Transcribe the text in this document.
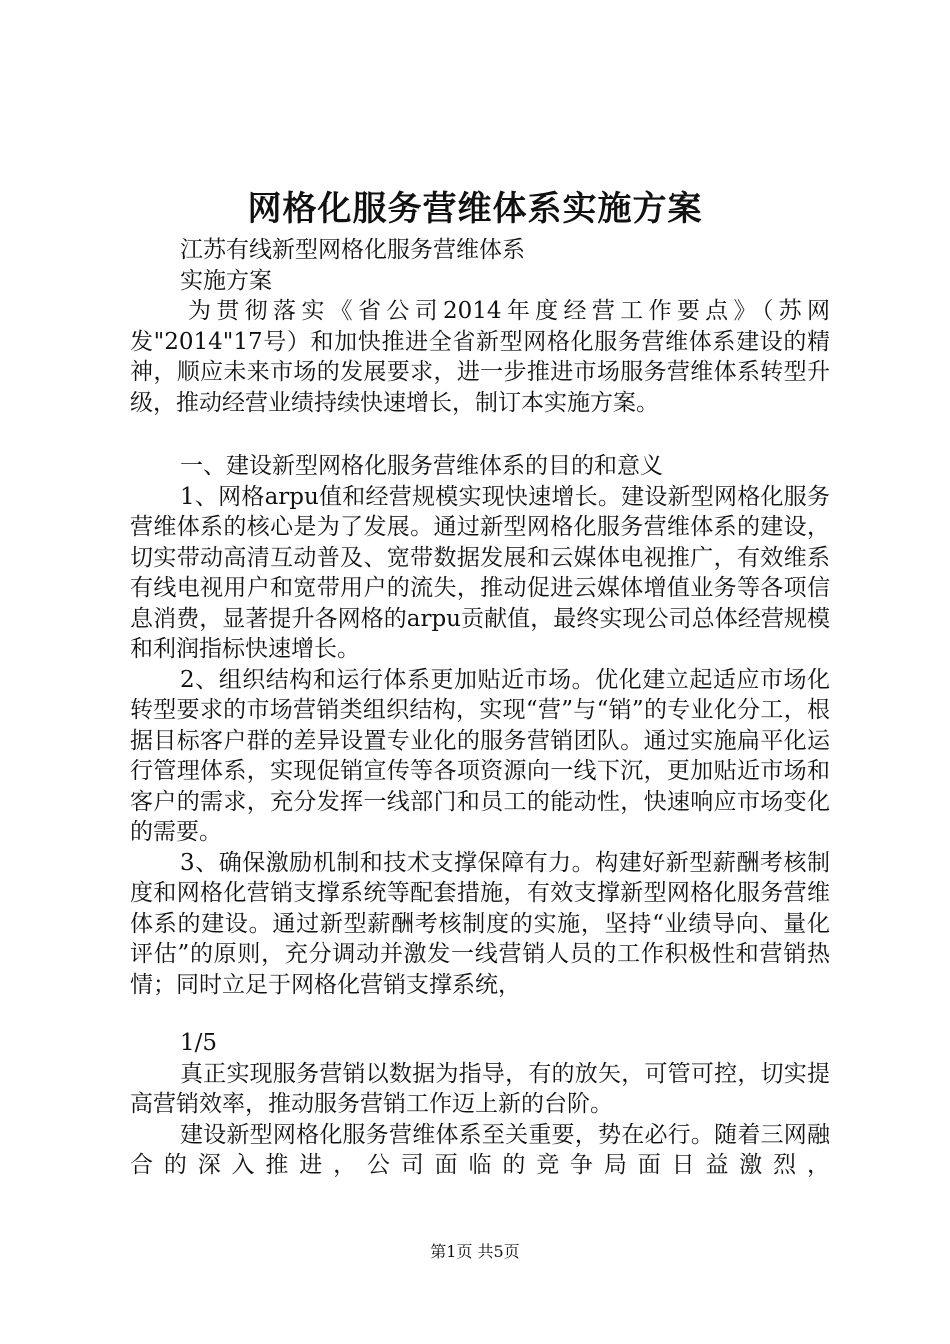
网格化服务营维体系实施方案

江苏有线新型网格化服务营维体系

实施方案

为贯彻落实《省公司2014年度经营工作要点》（苏网发"2014"17号）和加快推进全省新型网格化服务营维体系建设的精神，顺应未来市场的发展要求，进一步推进市场服务营维体系转型升级，推动经营业绩持续快速增长，制订本实施方案。

一、建设新型网格化服务营维体系的目的和意义

1、网格arpu值和经营规模实现快速增长。建设新型网格化服务营维体系的核心是为了发展。通过新型网格化服务营维体系的建设，切实带动高清互动普及、宽带数据发展和云媒体电视推广，有效维系有线电视用户和宽带用户的流失，推动促进云媒体增值业务等各项信息消费，显著提升各网格的arpu贡献值，最终实现公司总体经营规模和利润指标快速增长。

2、组织结构和运行体系更加贴近市场。优化建立起适应市场化转型要求的市场营销类组织结构，实现“营”与“销”的专业化分工，根据目标客户群的差异设置专业化的服务营销团队。通过实施扁平化运行管理体系，实现促销宣传等各项资源向一线下沉，更加贴近市场和客户的需求，充分发挥一线部门和员工的能动性，快速响应市场变化的需要。

3、确保激励机制和技术支撑保障有力。构建好新型薪酬考核制度和网格化营销支撑系统等配套措施，有效支撑新型网格化服务营维体系的建设。通过新型薪酬考核制度的实施，坚持“业绩导向、量化评估”的原则，充分调动并激发一线营销人员的工作积极性和营销热情；同时立足于网格化营销支撑系统，

1/5

真正实现服务营销以数据为指导，有的放矢，可管可控，切实提高营销效率，推动服务营销工作迈上新的台阶。

建设新型网格化服务营维体系至关重要，势在必行。随着三网融合的深入推进，公司面临的竞争局面日益激烈，

第1页 共5页
